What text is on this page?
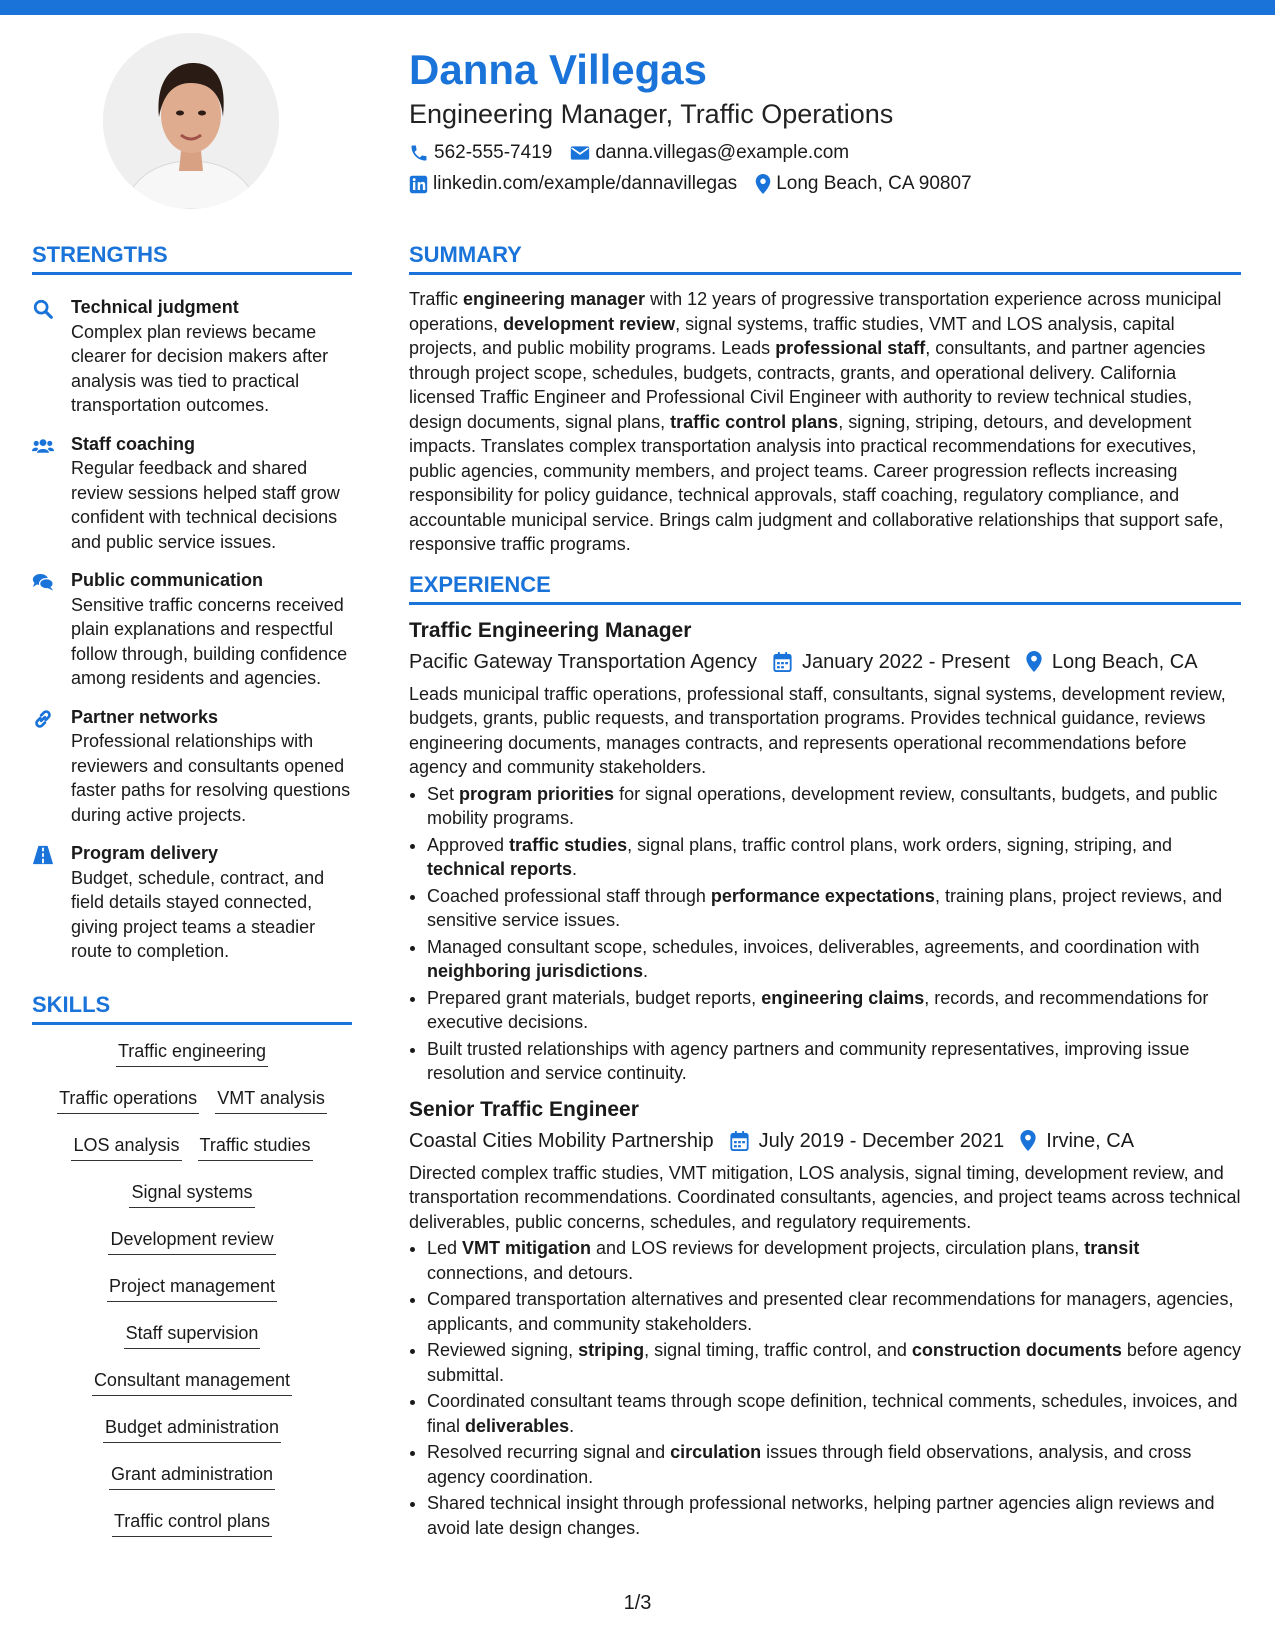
Danna Villegas
Engineering Manager, Traffic Operations
562-555-7419 danna.villegas@example.com
linkedin.com/example/dannavillegas Long Beach, CA 90807
STRENGTHS
Technical judgment
Complex plan reviews became clearer for decision makers after analysis was tied to practical transportation outcomes.
Staff coaching
Regular feedback and shared review sessions helped staff grow confident with technical decisions and public service issues.
Public communication
Sensitive traffic concerns received plain explanations and respectful follow through, building confidence among residents and agencies.
Partner networks
Professional relationships with reviewers and consultants opened faster paths for resolving questions during active projects.
Program delivery
Budget, schedule, contract, and field details stayed connected, giving project teams a steadier route to completion.
SKILLS
Traffic engineering
Traffic operations VMT analysis
LOS analysis Traffic studies
Signal systems
Development review
Project management
Staff supervision
Consultant management
Budget administration
Grant administration
Traffic control plans
SUMMARY
Traffic engineering manager with 12 years of progressive transportation experience across municipal operations, development review, signal systems, traffic studies, VMT and LOS analysis, capital projects, and public mobility programs. Leads professional staff, consultants, and partner agencies through project scope, schedules, budgets, contracts, grants, and operational delivery. California licensed Traffic Engineer and Professional Civil Engineer with authority to review technical studies, design documents, signal plans, traffic control plans, signing, striping, detours, and development impacts. Translates complex transportation analysis into practical recommendations for executives, public agencies, community members, and project teams. Career progression reflects increasing responsibility for policy guidance, technical approvals, staff coaching, regulatory compliance, and accountable municipal service. Brings calm judgment and collaborative relationships that support safe, responsive traffic programs.
EXPERIENCE
Traffic Engineering Manager
Pacific Gateway Transportation Agency January 2022 - Present Long Beach, CA
Leads municipal traffic operations, professional staff, consultants, signal systems, development review, budgets, grants, public requests, and transportation programs. Provides technical guidance, reviews engineering documents, manages contracts, and represents operational recommendations before agency and community stakeholders.
• Set program priorities for signal operations, development review, consultants, budgets, and public mobility programs.
• Approved traffic studies, signal plans, traffic control plans, work orders, signing, striping, and technical reports.
• Coached professional staff through performance expectations, training plans, project reviews, and sensitive service issues.
• Managed consultant scope, schedules, invoices, deliverables, agreements, and coordination with neighboring jurisdictions.
• Prepared grant materials, budget reports, engineering claims, records, and recommendations for executive decisions.
• Built trusted relationships with agency partners and community representatives, improving issue resolution and service continuity.
Senior Traffic Engineer
Coastal Cities Mobility Partnership July 2019 - December 2021 Irvine, CA
Directed complex traffic studies, VMT mitigation, LOS analysis, signal timing, development review, and transportation recommendations. Coordinated consultants, agencies, and project teams across technical deliverables, public concerns, schedules, and regulatory requirements.
• Led VMT mitigation and LOS reviews for development projects, circulation plans, transit connections, and detours.
• Compared transportation alternatives and presented clear recommendations for managers, agencies, applicants, and community stakeholders.
• Reviewed signing, striping, signal timing, traffic control, and construction documents before agency submittal.
• Coordinated consultant teams through scope definition, technical comments, schedules, invoices, and final deliverables.
• Resolved recurring signal and circulation issues through field observations, analysis, and cross agency coordination.
• Shared technical insight through professional networks, helping partner agencies align reviews and avoid late design changes.
1/3
